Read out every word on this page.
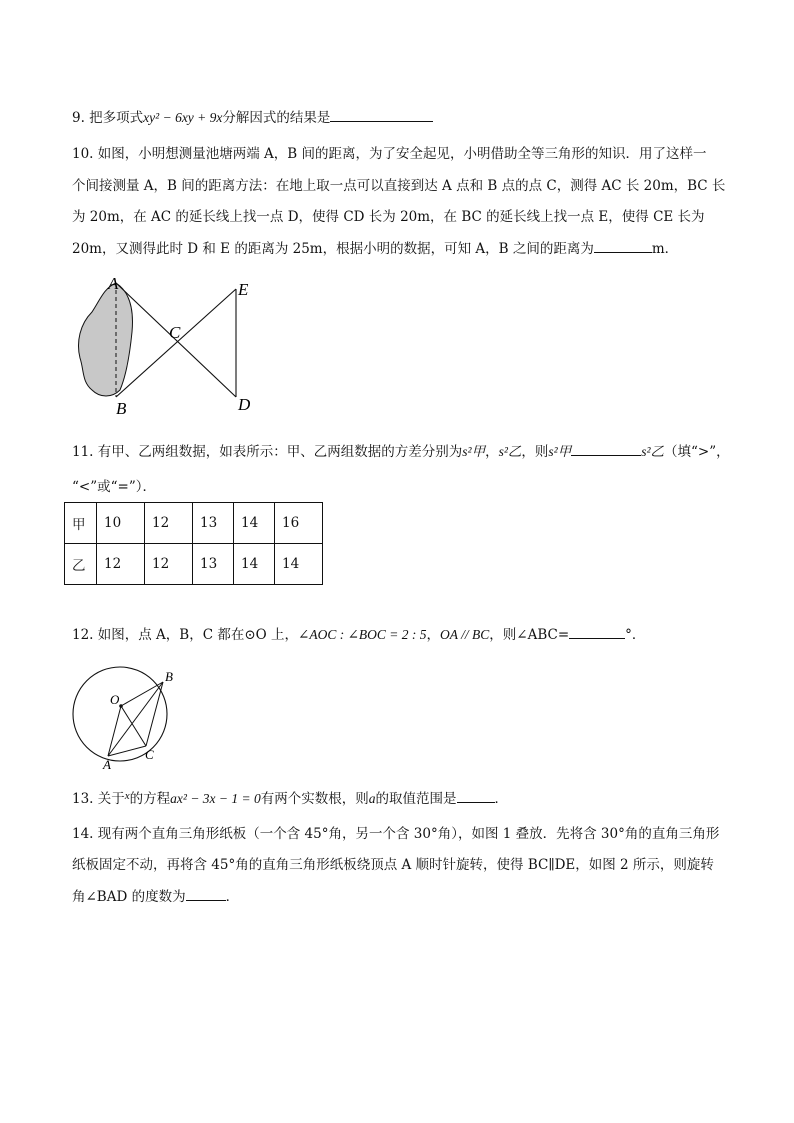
9. 把多项式xy² − 6xy + 9x分解因式的结果是
10. 如图，小明想测量池塘两端 A，B 间的距离，为了安全起见，小明借助全等三角形的知识．用了这样一
个间接测量 A，B 间的距离方法：在地上取一点可以直接到达 A 点和 B 点的点 C，测得 AC 长 20m，BC 长
为 20m，在 AC 的延长线上找一点 D，使得 CD 长为 20m，在 BC 的延长线上找一点 E，使得 CE 长为
20m，又测得此时 D 和 E 的距离为 25m，根据小明的数据，可知 A，B 之间的距离为	m．
A
B
C
E
D
11. 有甲、乙两组数据，如表所示：甲、乙两组数据的方差分别为s²甲，s²乙，则s²甲	s²乙（填“>”，
“<”或“=”）．
甲	10	12	13	14	16
乙	12	12	13	14	14
12. 如图，点 A，B，C 都在⊙O 上，∠AOC : ∠BOC = 2 : 5，OA // BC，则∠ABC=	°．
O
B
C
A
13. 关于$^x$的方程ax² − 3x − 1 = 0有两个实数根，则a的取值范围是	．
14. 现有两个直角三角形纸板（一个含 45°角，另一个含 30°角），如图 1 叠放．先将含 30°角的直角三角形
纸板固定不动，再将含 45°角的直角三角形纸板绕顶点 A 顺时针旋转，使得 BC∥DE，如图 2 所示，则旋转
角∠BAD 的度数为	．
